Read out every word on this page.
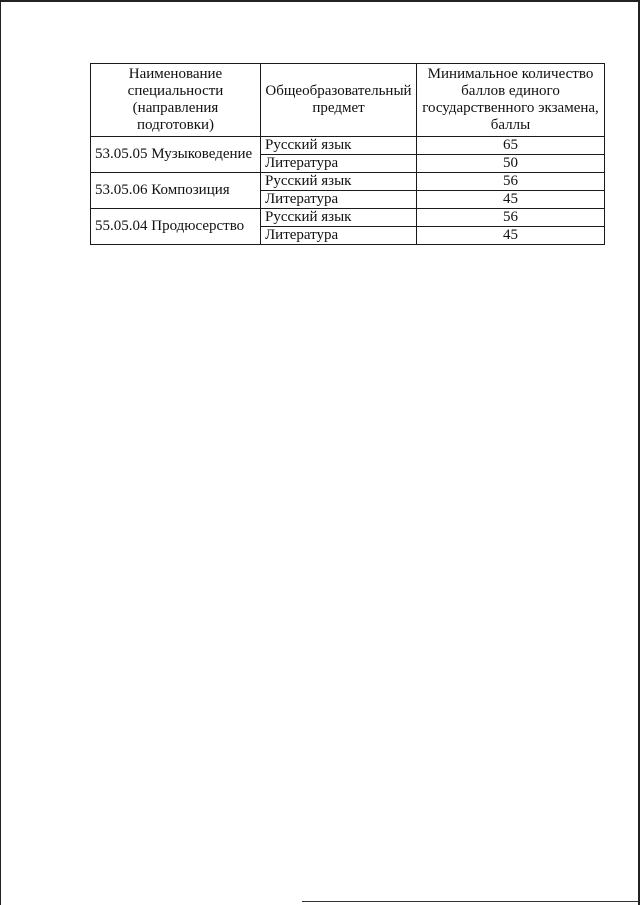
Наименование специальности (направления подготовки)	Общеобразовательный предмет	Минимальное количество баллов единого государственного экзамена, баллы
53.05.05 Музыковедение	Русский язык	65
	Литература	50
53.05.06 Композиция	Русский язык	56
	Литература	45
55.05.04 Продюсерство	Русский язык	56
	Литература	45
